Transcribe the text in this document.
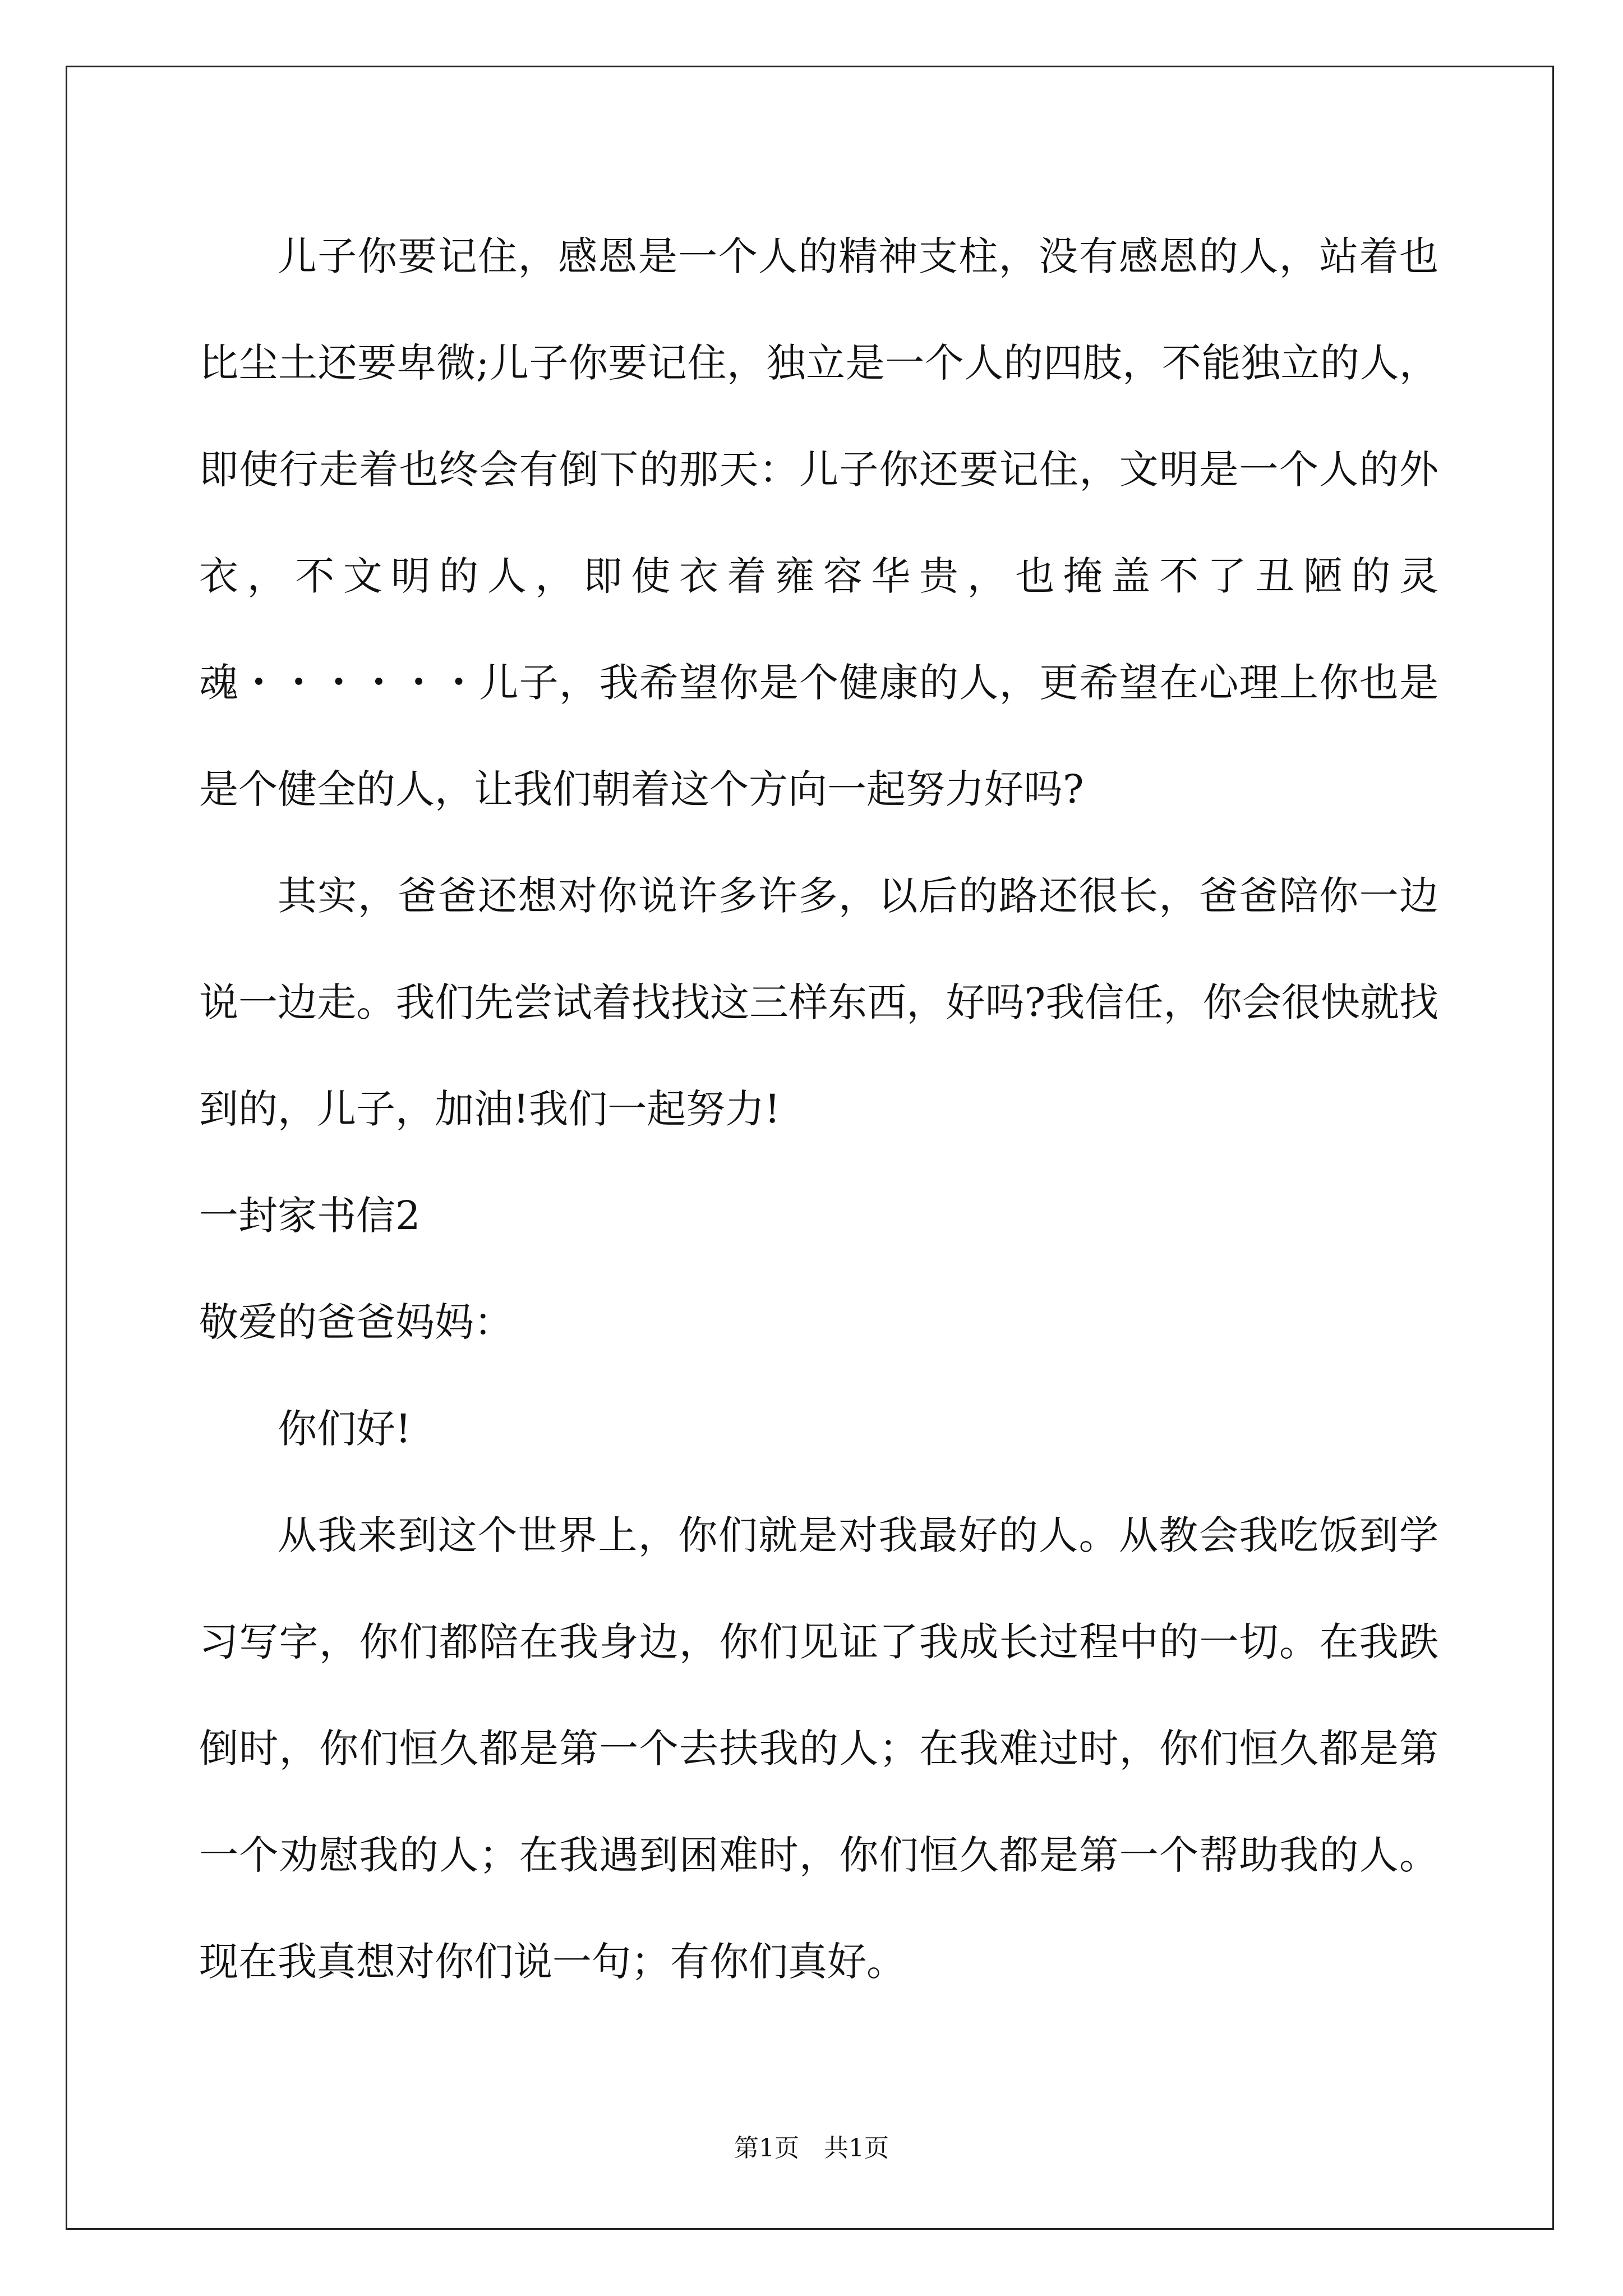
儿子你要记住，感恩是一个人的精神支柱，没有感恩的人，站着也比尘土还要卑微;儿子你要记住，独立是一个人的四肢，不能独立的人，即使行走着也终会有倒下的那天：儿子你还要记住，文明是一个人的外衣，不文明的人，即使衣着雍容华贵，也掩盖不了丑陋的灵魂・・・・・・儿子，我希望你是个健康的人，更希望在心理上你也是是个健全的人，让我们朝着这个方向一起努力好吗?

其实，爸爸还想对你说许多许多，以后的路还很长，爸爸陪你一边说一边走。我们先尝试着找找这三样东西，好吗?我信任，你会很快就找到的，儿子，加油!我们一起努力!

一封家书信2

敬爱的爸爸妈妈：

你们好!

从我来到这个世界上，你们就是对我最好的人。从教会我吃饭到学习写字，你们都陪在我身边，你们见证了我成长过程中的一切。在我跌倒时，你们恒久都是第一个去扶我的人；在我难过时，你们恒久都是第一个劝慰我的人；在我遇到困难时，你们恒久都是第一个帮助我的人。现在我真想对你们说一句；有你们真好。

第1页　共1页
